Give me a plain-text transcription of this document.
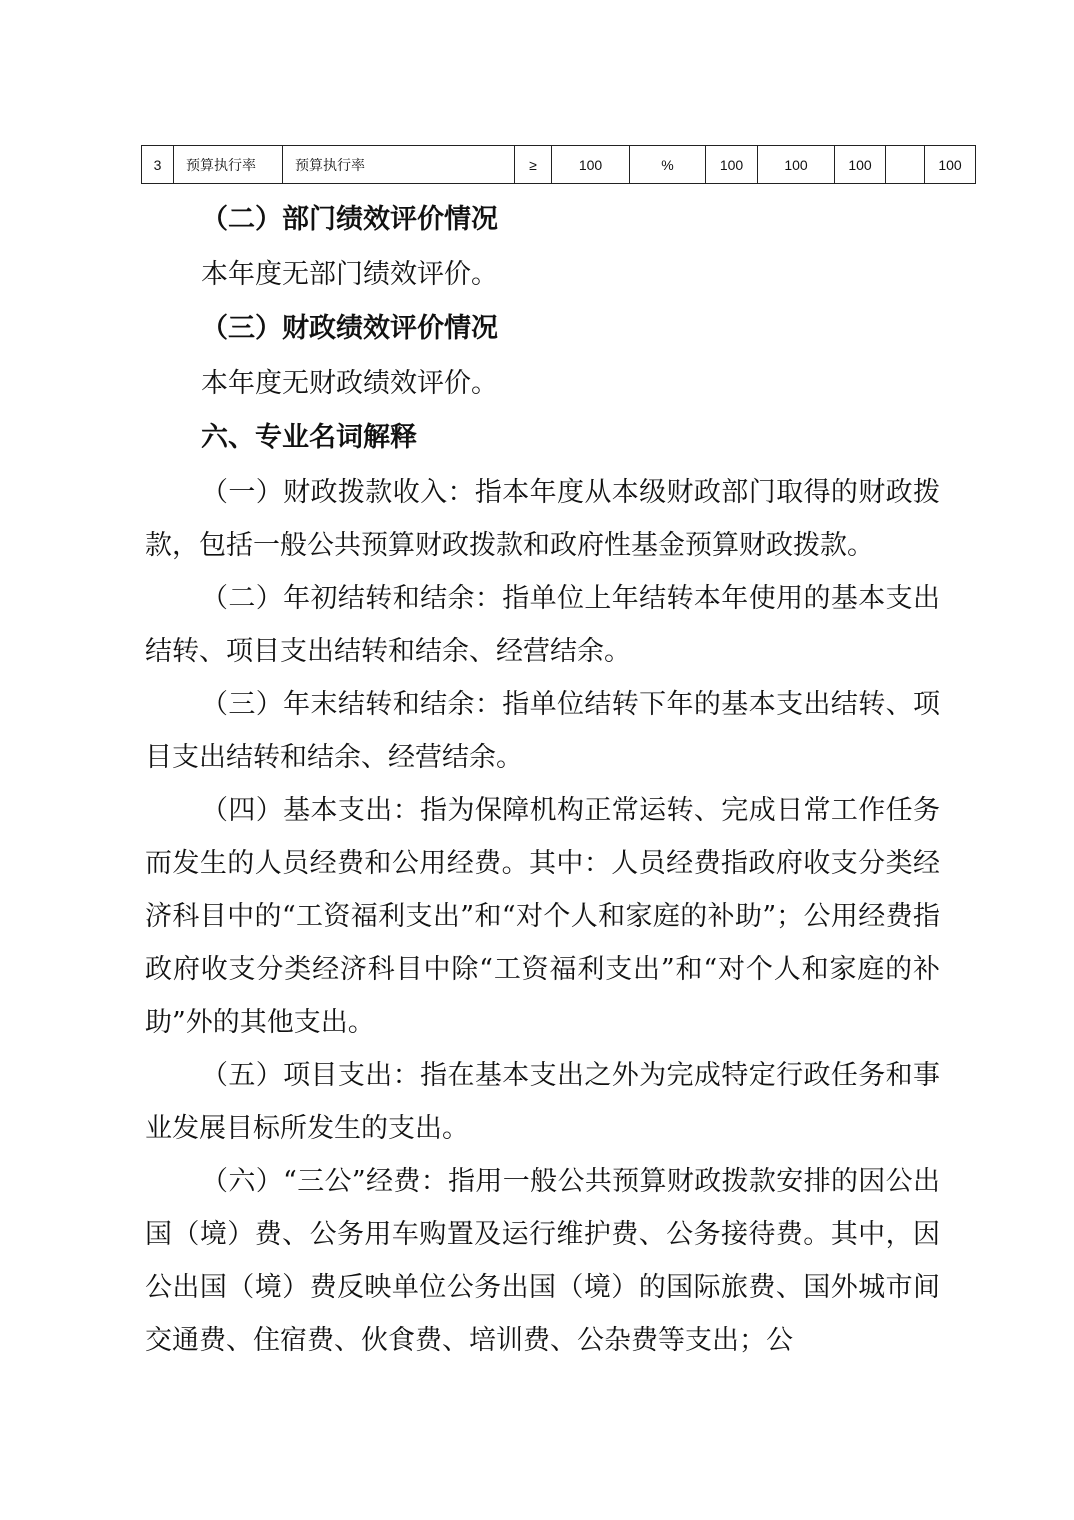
3	预算执行率	预算执行率	≥	100	%	100	100	100		100

（二）部门绩效评价情况

本年度无部门绩效评价。

（三）财政绩效评价情况

本年度无财政绩效评价。

六、专业名词解释

（一）财政拨款收入：指本年度从本级财政部门取得的财政拨款，包括一般公共预算财政拨款和政府性基金预算财政拨款。

（二）年初结转和结余：指单位上年结转本年使用的基本支出结转、项目支出结转和结余、经营结余。

（三）年末结转和结余：指单位结转下年的基本支出结转、项目支出结转和结余、经营结余。

（四）基本支出：指为保障机构正常运转、完成日常工作任务而发生的人员经费和公用经费。其中：人员经费指政府收支分类经济科目中的“工资福利支出”和“对个人和家庭的补助”；公用经费指政府收支分类经济科目中除“工资福利支出”和“对个人和家庭的补助”外的其他支出。

（五）项目支出：指在基本支出之外为完成特定行政任务和事业发展目标所发生的支出。

（六）“三公”经费：指用一般公共预算财政拨款安排的因公出国（境）费、公务用车购置及运行维护费、公务接待费。其中，因公出国（境）费反映单位公务出国（境）的国际旅费、国外城市间交通费、住宿费、伙食费、培训费、公杂费等支出；公
